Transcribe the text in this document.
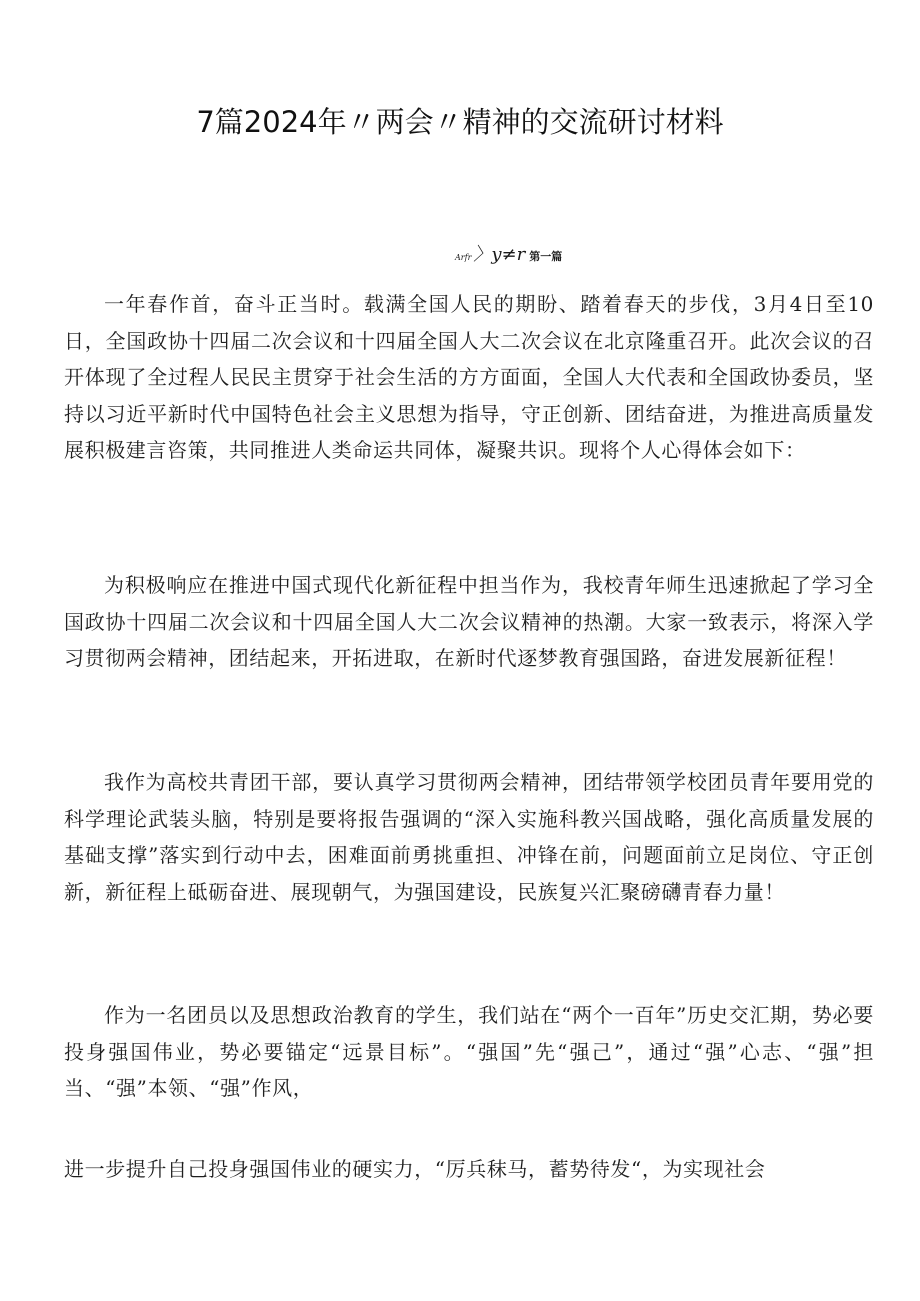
7篇2024年〃两会〃精神的交流研讨材料
Arfr 〉y≠r 第一篇

一年春作首，奋斗正当时。载满全国人民的期盼、踏着春天的步伐，3月4日至10日，全国政协十四届二次会议和十四届全国人大二次会议在北京隆重召开。此次会议的召开体现了全过程人民民主贯穿于社会生活的方方面面，全国人大代表和全国政协委员，坚持以习近平新时代中国特色社会主义思想为指导，守正创新、团结奋进，为推进高质量发展积极建言咨策，共同推进人类命运共同体，凝聚共识。现将个人心得体会如下：

为积极响应在推进中国式现代化新征程中担当作为，我校青年师生迅速掀起了学习全国政协十四届二次会议和十四届全国人大二次会议精神的热潮。大家一致表示，将深入学习贯彻两会精神，团结起来，开拓进取，在新时代逐梦教育强国路，奋进发展新征程！

我作为高校共青团干部，要认真学习贯彻两会精神，团结带领学校团员青年要用党的科学理论武装头脑，特别是要将报告强调的“深入实施科教兴国战略，强化高质量发展的基础支撑”落实到行动中去，困难面前勇挑重担、冲锋在前，问题面前立足岗位、守正创新，新征程上砥砺奋进、展现朝气，为强国建设，民族复兴汇聚磅礴青春力量！

作为一名团员以及思想政治教育的学生，我们站在“两个一百年”历史交汇期，势必要投身强国伟业，势必要锚定“远景目标”。“强国”先“强己”，通过“强”心志、“强”担当、“强”本领、“强”作风，

进一步提升自己投身强国伟业的硬实力，“厉兵秣马，蓄势待发“，为实现社会
